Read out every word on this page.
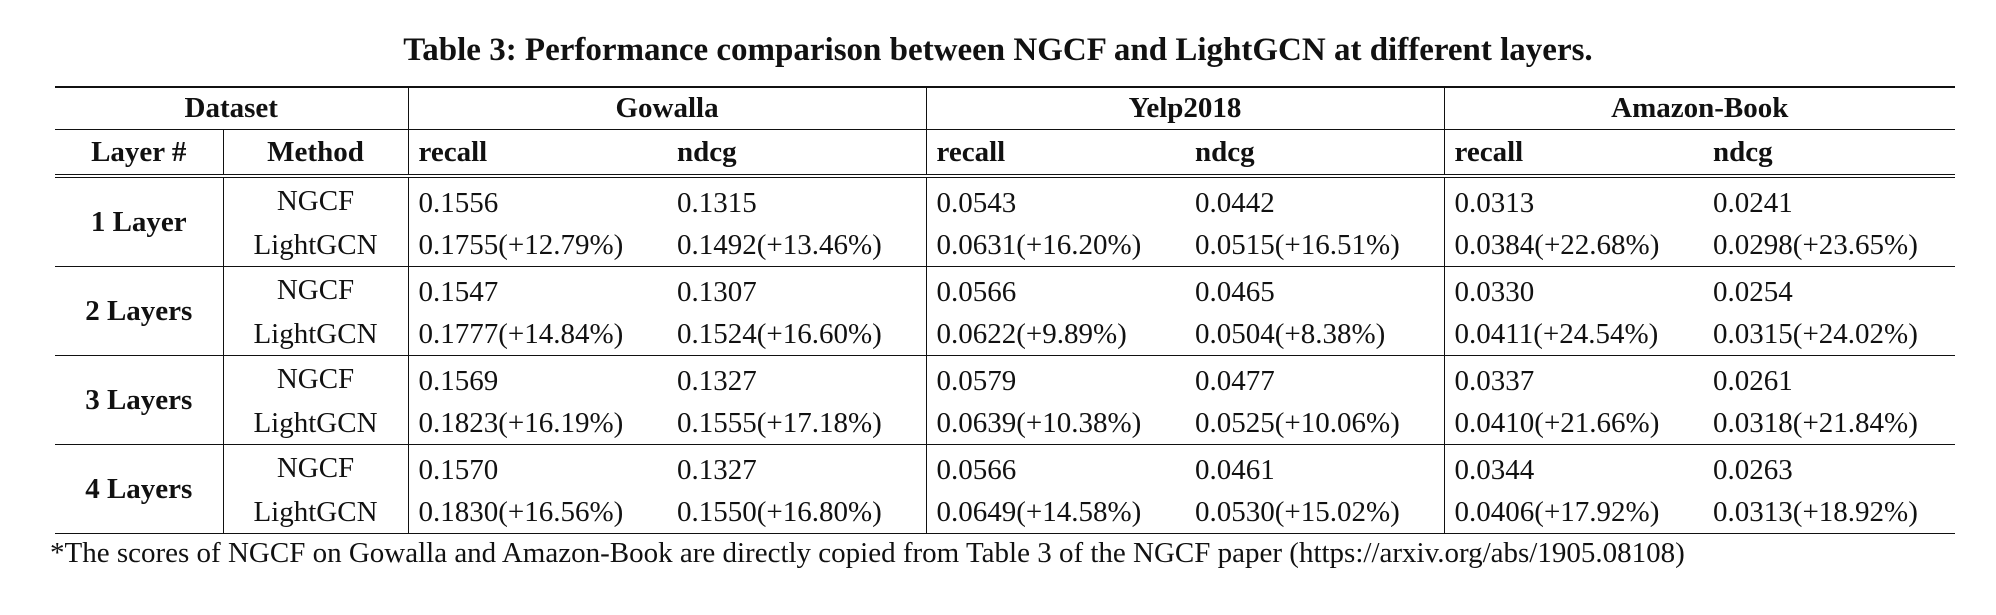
Table 3: Performance comparison between NGCF and LightGCN at different layers.
Dataset		Gowalla		Yelp2018		Amazon-Book	
Layer #	Method	recall	ndcg	recall	ndcg	recall	ndcg
1 Layer	NGCF	0.1556	0.1315	0.0543	0.0442	0.0313	0.0241
	LightGCN	0.1755(+12.79%)	0.1492(+13.46%)	0.0631(+16.20%)	0.0515(+16.51%)	0.0384(+22.68%)	0.0298(+23.65%)
2 Layers	NGCF	0.1547	0.1307	0.0566	0.0465	0.0330	0.0254
	LightGCN	0.1777(+14.84%)	0.1524(+16.60%)	0.0622(+9.89%)	0.0504(+8.38%)	0.0411(+24.54%)	0.0315(+24.02%)
3 Layers	NGCF	0.1569	0.1327	0.0579	0.0477	0.0337	0.0261
	LightGCN	0.1823(+16.19%)	0.1555(+17.18%)	0.0639(+10.38%)	0.0525(+10.06%)	0.0410(+21.66%)	0.0318(+21.84%)
4 Layers	NGCF	0.1570	0.1327	0.0566	0.0461	0.0344	0.0263
	LightGCN	0.1830(+16.56%)	0.1550(+16.80%)	0.0649(+14.58%)	0.0530(+15.02%)	0.0406(+17.92%)	0.0313(+18.92%)
*The scores of NGCF on Gowalla and Amazon-Book are directly copied from Table 3 of the NGCF paper (https://arxiv.org/abs/1905.08108)
